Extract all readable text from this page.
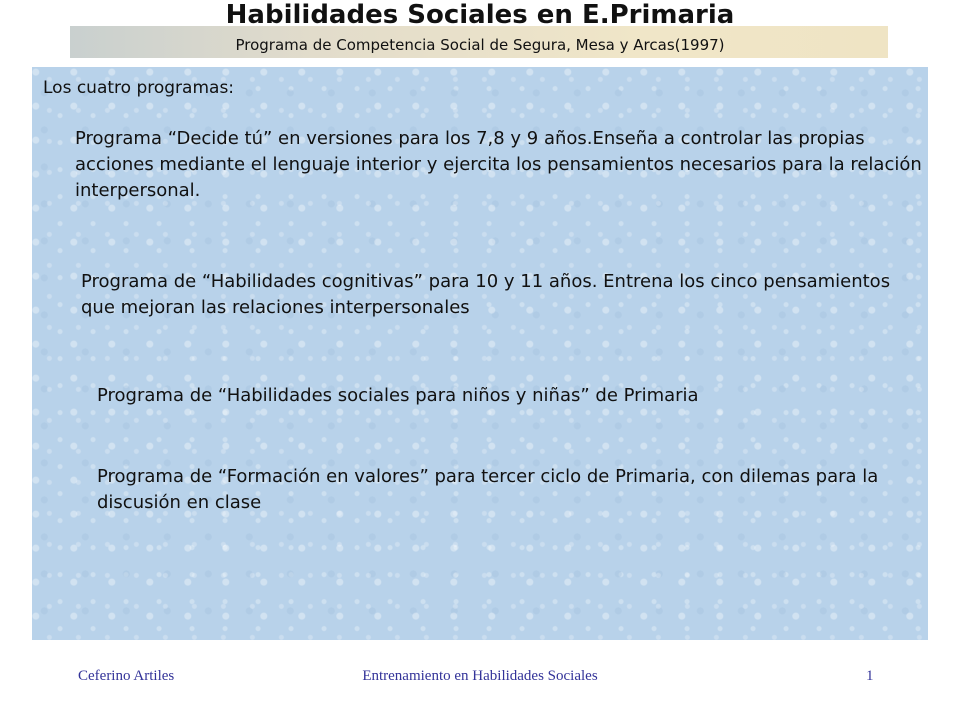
Habilidades Sociales en E.Primaria
Programa de Competencia Social de Segura, Mesa y Arcas(1997)
Los cuatro programas:

Programa “Decide tú” en versiones para los 7,8 y 9 años.Enseña a controlar las propias acciones mediante el lenguaje interior y ejercita los pensamientos necesarios para la relación interpersonal.

Programa de “Habilidades cognitivas” para 10 y 11 años. Entrena los cinco pensamientos que mejoran las relaciones interpersonales

Programa de “Habilidades sociales para niños y niñas” de Primaria

Programa de “Formación en valores” para tercer ciclo de Primaria, con dilemas para la discusión en clase

Ceferino Artiles	Entrenamiento en Habilidades Sociales	1
